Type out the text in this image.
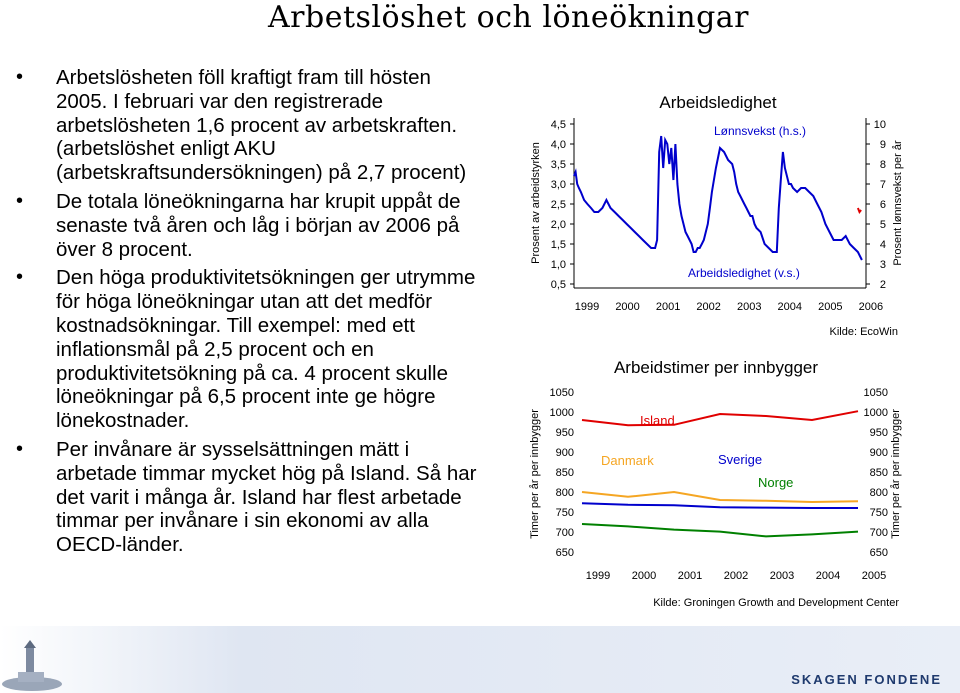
Arbetslöshet och löneökningar
• Arbetslösheten föll kraftigt fram till hösten 2005. I februari var den registrerade arbetslösheten 1,6 procent av arbetskraften. (arbetslöshet enligt AKU (arbetskraftsundersökningen) på 2,7 procent)
• De totala löneökningarna har krupit uppåt de senaste två åren och låg i början av 2006 på över 8 procent.
• Den höga produktivitetsökningen ger utrymme för höga löneökningar utan att det medför kostnadsökningar. Till exempel: med ett inflationsmål på 2,5 procent och en produktivitetsökning på ca. 4 procent skulle löneökningar på 6,5 procent inte ge högre lönekostnader.
• Per invånare är sysselsättningen mätt i arbetade timmar mycket hög på Island. Så har det varit i många år. Island har flest arbetade timmar per invånare i sin ekonomi av alla OECD-länder.
Arbeidsledighet
Prosent av arbeidstyrken	Prosent lønnsvekst per år
Kilde: EcoWin
4,5
4,0
3,5
3,0
2,5
2,0
1,5
1,0
0,5
10
9
8
7
6
5
4
3
2
1999 2000 2001 2002 2003 2004 2005 2006
Lønnsvekst (h.s.)
Arbeidsledighet (v.s.)
Arbeidstimer per innbygger
Timer per år per innbygger	Timer per år per innbygger
Kilde: Groningen Growth and Development Center
1050
1000
950
900
850
800
750
700
650
1050
1000
950
900
850
800
750
700
650
1999 2000 2001 2002 2003 2004 2005
Island
Danmark	Sverige
Norge
SKAGEN FONDENE
